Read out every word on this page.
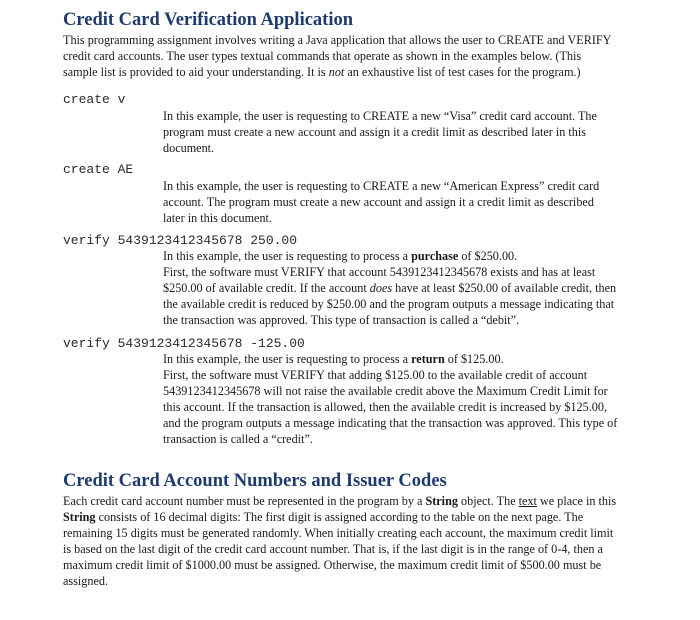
Credit Card Verification Application
This programming assignment involves writing a Java application that allows the user to CREATE and VERIFY
credit card accounts. The user types textual commands that operate as shown in the examples below. (This
sample list is provided to aid your understanding. It is not an exhaustive list of test cases for the program.)
create v
In this example, the user is requesting to CREATE a new “Visa” credit card account. The
program must create a new account and assign it a credit limit as described later in this
document.
create AE
In this example, the user is requesting to CREATE a new “American Express” credit card
account. The program must create a new account and assign it a credit limit as described
later in this document.
verify 5439123412345678 250.00
In this example, the user is requesting to process a purchase of $250.00.
First, the software must VERIFY that account 5439123412345678 exists and has at least
$250.00 of available credit. If the account does have at least $250.00 of available credit, then
the available credit is reduced by $250.00 and the program outputs a message indicating that
the transaction was approved. This type of transaction is called a “debit”.
verify 5439123412345678 -125.00
In this example, the user is requesting to process a return of $125.00.
First, the software must VERIFY that adding $125.00 to the available credit of account
5439123412345678 will not raise the available credit above the Maximum Credit Limit for
this account. If the transaction is allowed, then the available credit is increased by $125.00,
and the program outputs a message indicating that the transaction was approved. This type of
transaction is called a “credit”.
Credit Card Account Numbers and Issuer Codes
Each credit card account number must be represented in the program by a String object. The text we place in this
String consists of 16 decimal digits: The first digit is assigned according to the table on the next page. The
remaining 15 digits must be generated randomly. When initially creating each account, the maximum credit limit
is based on the last digit of the credit card account number. That is, if the last digit is in the range of 0-4, then a
maximum credit limit of $1000.00 must be assigned. Otherwise, the maximum credit limit of $500.00 must be
assigned.
